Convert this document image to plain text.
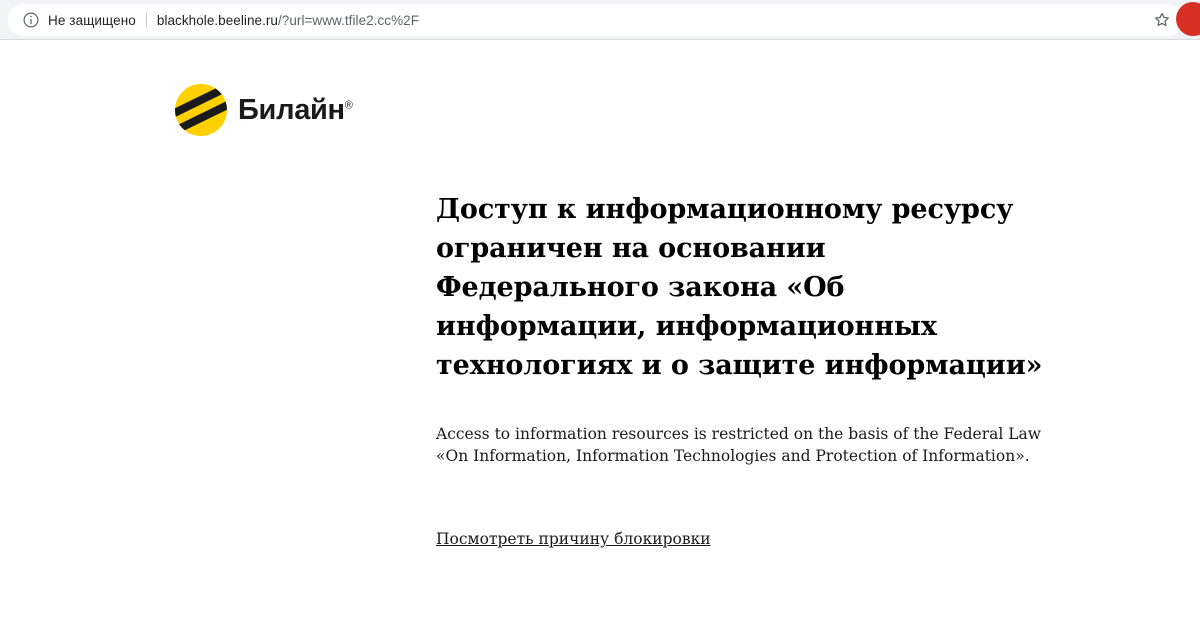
Не защищено blackhole.beeline.ru/?url=www.tfile2.cc%2F
Билайн®
Доступ к информационному ресурсу ограничен на основании Федерального закона «Об информации, информационных технологиях и о защите информации»

Access to information resources is restricted on the basis of the Federal Law
«On Information, Information Technologies and Protection of Information».

Посмотреть причину блокировки
